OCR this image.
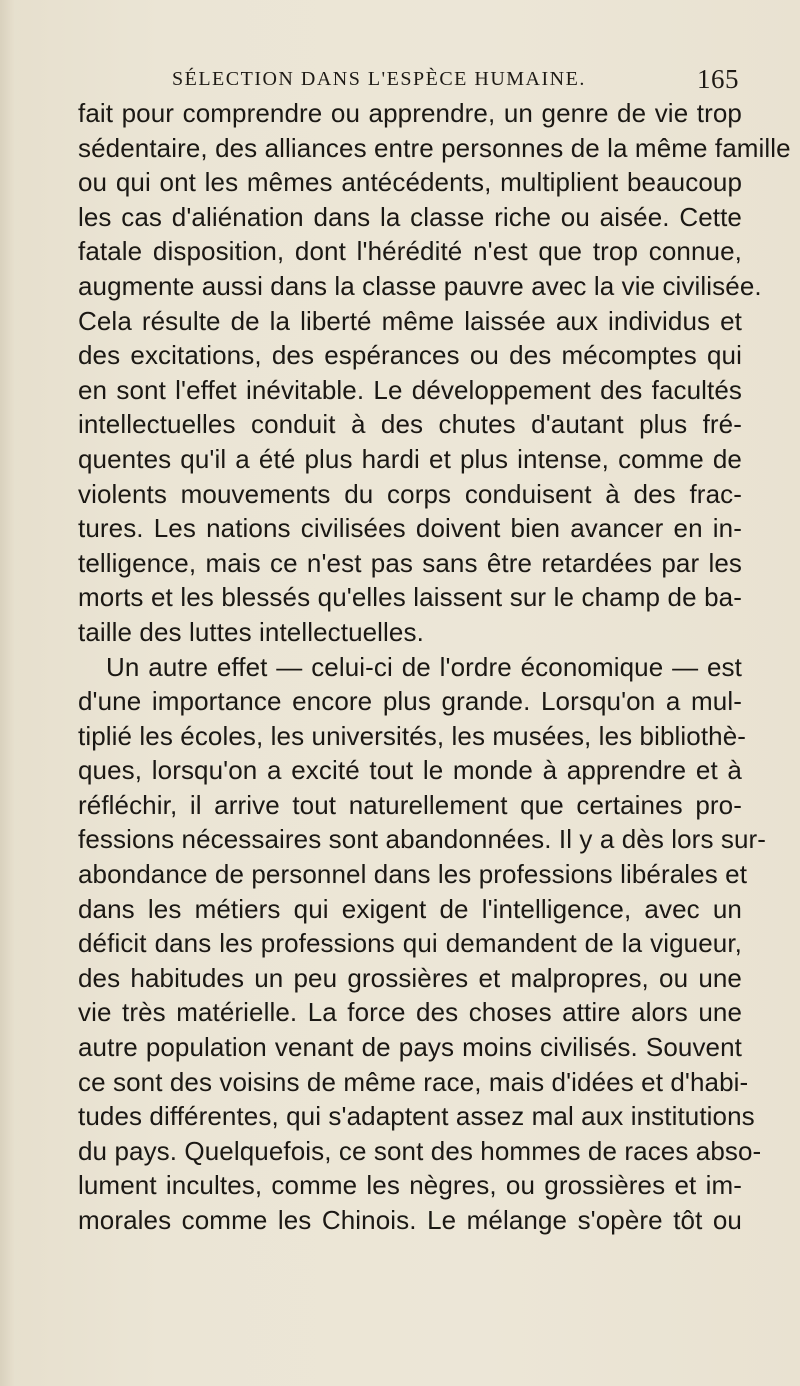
SÉLECTION DANS L'ESPÈCE HUMAINE.	165
fait pour comprendre ou apprendre, un genre de vie trop
sédentaire, des alliances entre personnes de la même famille
ou qui ont les mêmes antécédents, multiplient beaucoup
les cas d'aliénation dans la classe riche ou aisée. Cette
fatale disposition, dont l'hérédité n'est que trop connue,
augmente aussi dans la classe pauvre avec la vie civilisée.
Cela résulte de la liberté même laissée aux individus et
des excitations, des espérances ou des mécomptes qui
en sont l'effet inévitable. Le développement des facultés
intellectuelles conduit à des chutes d'autant plus fré-
quentes qu'il a été plus hardi et plus intense, comme de
violents mouvements du corps conduisent à des frac-
tures. Les nations civilisées doivent bien avancer en in-
telligence, mais ce n'est pas sans être retardées par les
morts et les blessés qu'elles laissent sur le champ de ba-
taille des luttes intellectuelles.
Un autre effet — celui-ci de l'ordre économique — est
d'une importance encore plus grande. Lorsqu'on a mul-
tiplié les écoles, les universités, les musées, les bibliothè-
ques, lorsqu'on a excité tout le monde à apprendre et à
réfléchir, il arrive tout naturellement que certaines pro-
fessions nécessaires sont abandonnées. Il y a dès lors sur-
abondance de personnel dans les professions libérales et
dans les métiers qui exigent de l'intelligence, avec un
déficit dans les professions qui demandent de la vigueur,
des habitudes un peu grossières et malpropres, ou une
vie très matérielle. La force des choses attire alors une
autre population venant de pays moins civilisés. Souvent
ce sont des voisins de même race, mais d'idées et d'habi-
tudes différentes, qui s'adaptent assez mal aux institutions
du pays. Quelquefois, ce sont des hommes de races abso-
lument incultes, comme les nègres, ou grossières et im-
morales comme les Chinois. Le mélange s'opère tôt ou
